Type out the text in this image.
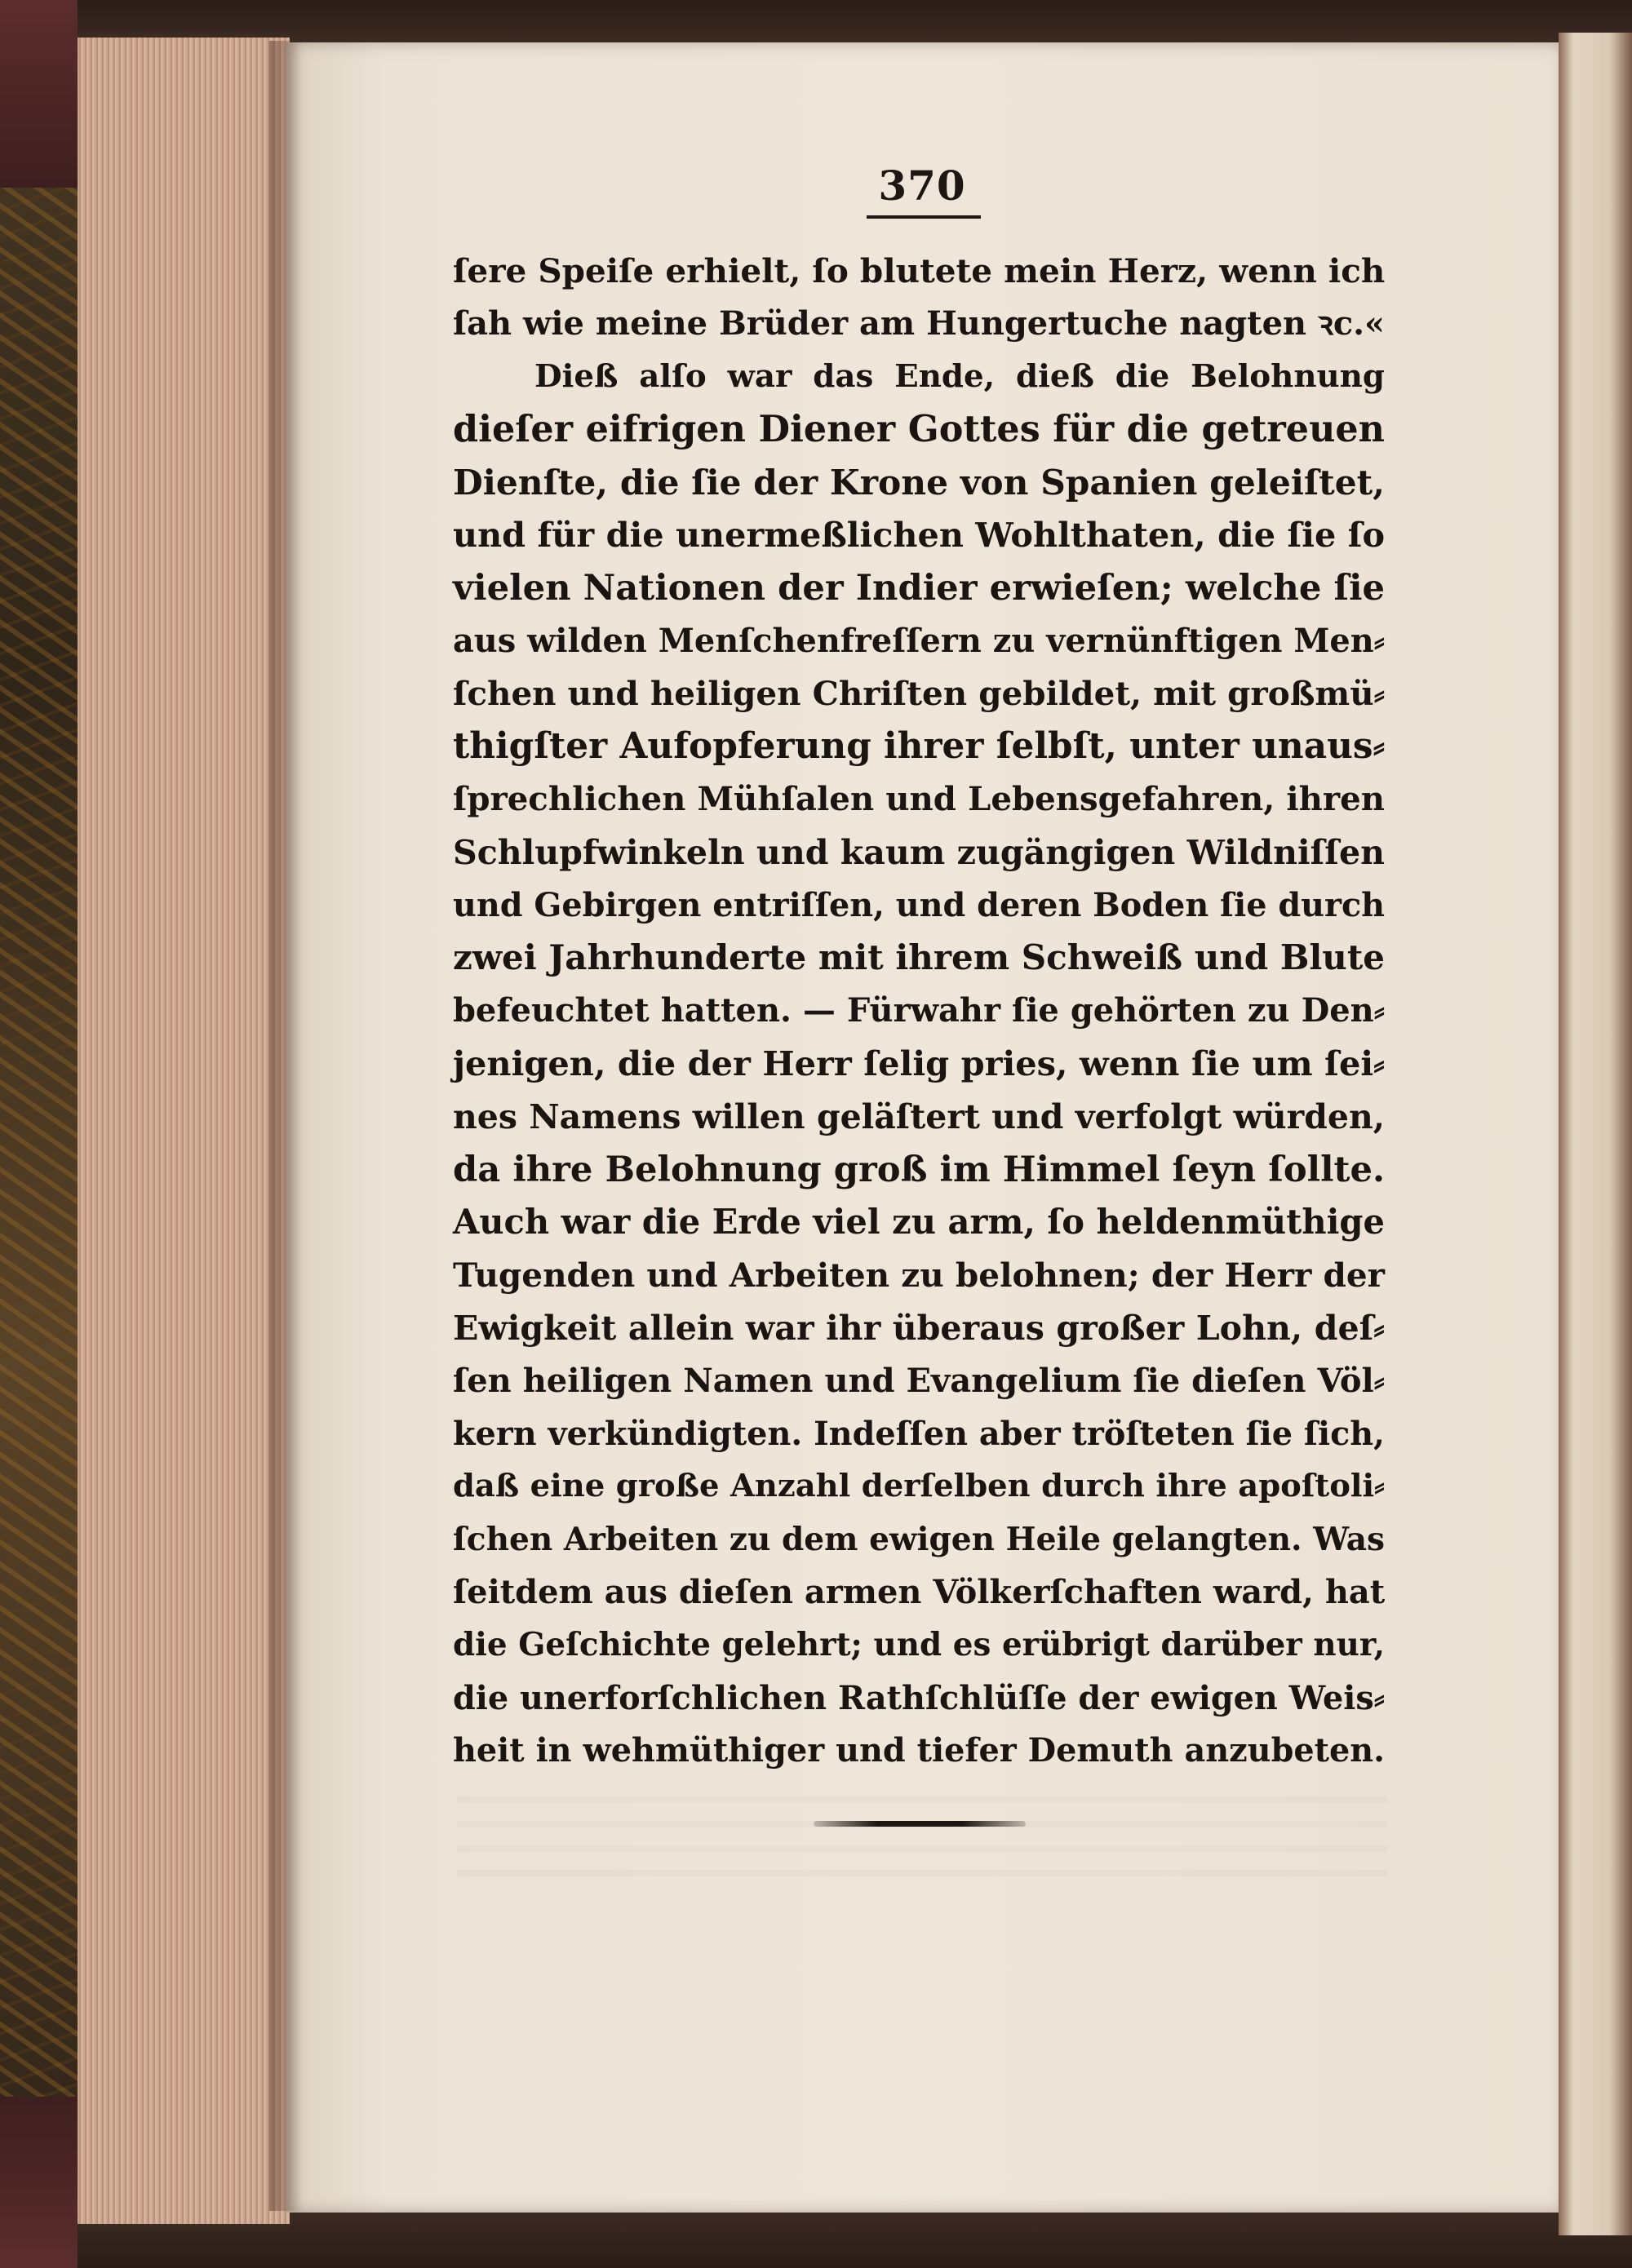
370
ſere Speiſe erhielt, ſo blutete mein Herz, wenn ich
ſah wie meine Brüder am Hungertuche nagten ꝛc.«
Dieß alſo war das Ende, dieß die Belohnung
dieſer eifrigen Diener Gottes für die getreuen
Dienſte, die ſie der Krone von Spanien geleiſtet,
und für die unermeßlichen Wohlthaten, die ſie ſo
vielen Nationen der Indier erwieſen; welche ſie
aus wilden Menſchenfreſſern zu vernünftigen Men⸗
ſchen und heiligen Chriſten gebildet, mit großmü⸗
thigſter Aufopferung ihrer ſelbſt, unter unaus⸗
ſprechlichen Mühſalen und Lebensgefahren, ihren
Schlupfwinkeln und kaum zugängigen Wildniſſen
und Gebirgen entriſſen, und deren Boden ſie durch
zwei Jahrhunderte mit ihrem Schweiß und Blute
befeuchtet hatten. — Fürwahr ſie gehörten zu Den⸗
jenigen, die der Herr ſelig pries, wenn ſie um ſei⸗
nes Namens willen geläſtert und verfolgt würden,
da ihre Belohnung groß im Himmel ſeyn ſollte.
Auch war die Erde viel zu arm, ſo heldenmüthige
Tugenden und Arbeiten zu belohnen; der Herr der
Ewigkeit allein war ihr überaus großer Lohn, deſ⸗
ſen heiligen Namen und Evangelium ſie dieſen Völ⸗
kern verkündigten. Indeſſen aber tröſteten ſie ſich,
daß eine große Anzahl derſelben durch ihre apoſtoli⸗
ſchen Arbeiten zu dem ewigen Heile gelangten. Was
ſeitdem aus dieſen armen Völkerſchaften ward, hat
die Geſchichte gelehrt; und es erübrigt darüber nur,
die unerforſchlichen Rathſchlüſſe der ewigen Weis⸗
heit in wehmüthiger und tiefer Demuth anzubeten.
